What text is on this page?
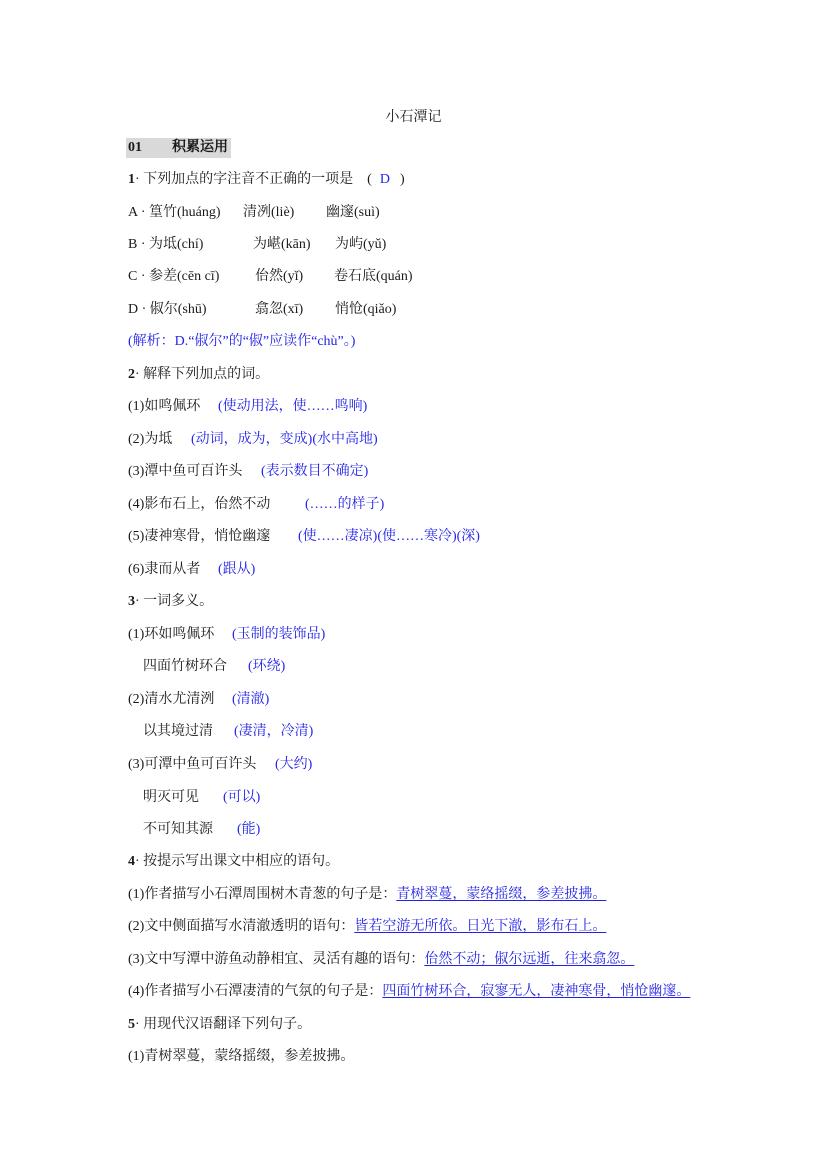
小石潭记
01 积累运用
1· 下列加点的字注音不正确的一项是　( D )
A · 篁竹(huáng) 清冽(liè) 幽邃(suì)
B · 为坻(chí)	为嵁(kān) 为屿(yǔ)
C · 参差(cēn cī)	佁然(yǐ) 卷石底(quán)
D · 俶尔(shū)	翕忽(xī) 悄怆(qiǎo)
(解析：D.“俶尔”的“俶”应读作“chù”。)
2· 解释下列加点的词。
(1)如鸣佩环 (使动用法，使……鸣响)
(2)为坻 (动词，成为，变成)(水中高地)
(3)潭中鱼可百许头 (表示数目不确定)
(4)影布石上，佁然不动 (……的样子)
(5)凄神寒骨，悄怆幽邃 (使……凄凉)(使……寒冷)(深)
(6)隶而从者 (跟从)
3· 一词多义。
(1)环如鸣佩环 (玉制的装饰品)
四面竹树环合 (环绕)
(2)清水尤清洌 (清澈)
以其境过清 (凄清，冷清)
(3)可潭中鱼可百许头 (大约)
明灭可见 (可以)
不可知其源 (能)
4· 按提示写出课文中相应的语句。
(1)作者描写小石潭周围树木青葱的句子是：青树翠蔓，蒙络摇缀，参差披拂。
(2)文中侧面描写水清澈透明的语句：皆若空游无所依。日光下澈，影布石上。
(3)文中写潭中游鱼动静相宜、灵活有趣的语句：佁然不动；俶尔远逝，往来翕忽。
(4)作者描写小石潭凄清的气氛的句子是：四面竹树环合，寂寥无人，凄神寒骨，悄怆幽邃。
5· 用现代汉语翻译下列句子。
(1)青树翠蔓，蒙络摇缀，参差披拂。
